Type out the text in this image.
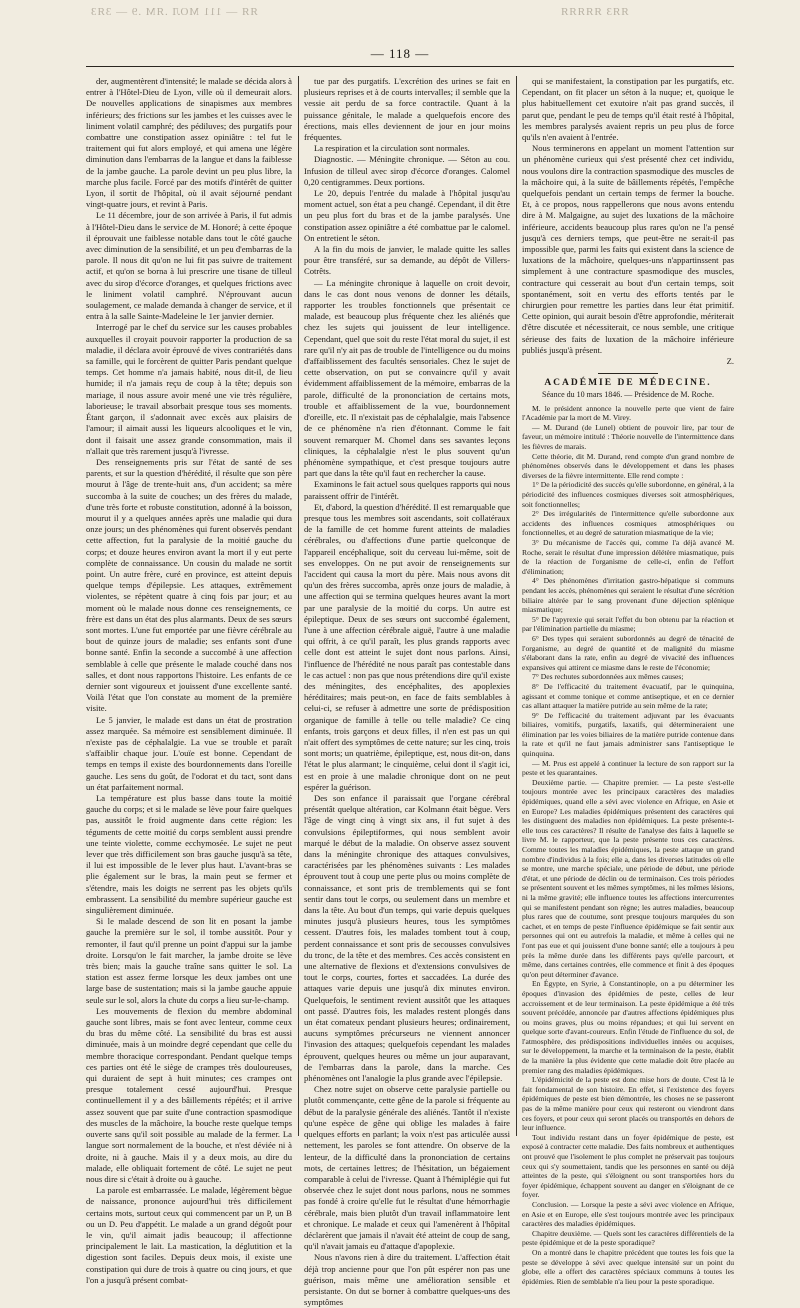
ЯЯ — 111 МОЛ .ЯМ .9 — 3ЯЗ	ЯЯЗ ЯЯЯЯЯ
— 118 —

der, augmentèrent d'intensité; le malade se décida alors à entrer à l'Hôtel-Dieu de Lyon, ville où il demeurait alors. De nouvelles applications de sinapismes aux membres inférieurs; des frictions sur les jambes et les cuisses avec le liniment volatil camphré; des pédiluves; des purgatifs pour combattre une constipation assez opiniâtre : tel fut le traitement qui fut alors employé, et qui amena une légère diminution dans l'embarras de la langue et dans la faiblesse de la jambe gauche. La parole devint un peu plus libre, la marche plus facile. Forcé par des motifs d'intérêt de quitter Lyon, il sortit de l'hôpital, où il avait séjourné pendant vingt-quatre jours, et revint à Paris.

Le 11 décembre, jour de son arrivée à Paris, il fut admis à l'Hôtel-Dieu dans le service de M. Honoré; à cette époque il éprouvait une faiblesse notable dans tout le côté gauche avec diminution de la sensibilité, et un peu d'embarras de la parole. Il nous dit qu'on ne lui fit pas suivre de traitement actif, et qu'on se borna à lui prescrire une tisane de tilleul avec du sirop d'écorce d'oranges, et quelques frictions avec le liniment volatil camphré. N'éprouvant aucun soulagement, ce malade demanda à changer de service, et il entra à la salle Sainte-Madeleine le 1er janvier dernier.

Interrogé par le chef du service sur les causes probables auxquelles il croyait pouvoir rapporter la production de sa maladie, il déclara avoir éprouvé de vives contrariétés dans sa famille, qui le forcèrent de quitter Paris pendant quelque temps. Cet homme n'a jamais habité, nous dit-il, de lieu humide; il n'a jamais reçu de coup à la tête; depuis son mariage, il nous assure avoir mené une vie très régulière, laborieuse; le travail absorbait presque tous ses moments. Étant garçon, il s'adonnait avec excès aux plaisirs de l'amour; il aimait aussi les liqueurs alcooliques et le vin, dont il faisait une assez grande consommation, mais il n'allait que très rarement jusqu'à l'ivresse.

Des renseignements pris sur l'état de santé de ses parents, et sur la question d'hérédité, il résulte que son père mourut à l'âge de trente-huit ans, d'un accident; sa mère succomba à la suite de couches; un des frères du malade, d'une très forte et robuste constitution, adonné à la boisson, mourut il y a quelques années après une maladie qui dura onze jours; un des phénomènes qui furent observés pendant cette affection, fut la paralysie de la moitié gauche du corps; et douze heures environ avant la mort il y eut perte complète de connaissance. Un cousin du malade ne sortit point. Un autre frère, curé en province, est atteint depuis quelque temps d'épilepsie. Les attaques, extrêmement violentes, se répètent quatre à cinq fois par jour; et au moment où le malade nous donne ces renseignements, ce frère est dans un état des plus alarmants. Deux de ses sœurs sont mortes. L'une fut emportée par une fièvre cérébrale au bout de quinze jours de maladie; ses enfants sont d'une bonne santé. Enfin la seconde a succombé à une affection semblable à celle que présente le malade couché dans nos salles, et dont nous rapportons l'histoire. Les enfants de ce dernier sont vigoureux et jouissent d'une excellente santé. Voilà l'état que l'on constate au moment de la première visite.

Le 5 janvier, le malade est dans un état de prostration assez marquée. Sa mémoire est sensiblement diminuée. Il n'existe pas de céphalalgie. La vue se trouble et paraît s'affaiblir chaque jour. L'ouïe est bonne. Cependant de temps en temps il existe des bourdonnements dans l'oreille gauche. Les sens du goût, de l'odorat et du tact, sont dans un état parfaitement normal.

La température est plus basse dans toute la moitié gauche du corps; et si le malade se lève pour faire quelques pas, aussitôt le froid augmente dans cette région: les téguments de cette moitié du corps semblent aussi prendre une teinte violette, comme ecchymosée. Le sujet ne peut lever que très difficilement son bras gauche jusqu'à sa tête, il lui est impossible de le lever plus haut. L'avant-bras se plie également sur le bras, la main peut se fermer et s'étendre, mais les doigts ne serrent pas les objets qu'ils embrassent. La sensibilité du membre supérieur gauche est singulièrement diminuée.

Si le malade descend de son lit en posant la jambe gauche la première sur le sol, il tombe aussitôt. Pour y remonter, il faut qu'il prenne un point d'appui sur la jambe droite. Lorsqu'on le fait marcher, la jambe droite se lève très bien; mais la gauche traîne sans quitter le sol. La station est assez ferme lorsque les deux jambes ont une large base de sustentation; mais si la jambe gauche appuie seule sur le sol, alors la chute du corps a lieu sur-le-champ.

Les mouvements de flexion du membre abdominal gauche sont libres, mais se font avec lenteur, comme ceux du bras du même côté. La sensibilité du bras est aussi diminuée, mais à un moindre degré cependant que celle du membre thoracique correspondant. Pendant quelque temps ces parties ont été le siège de crampes très douloureuses, qui duraient de sept à huit minutes; ces crampes ont presque totalement cessé aujourd'hui. Presque continuellement il y a des bâillements répétés; et il arrive assez souvent que par suite d'une contraction spasmodique des muscles de la mâchoire, la bouche reste quelque temps ouverte sans qu'il soit possible au malade de la fermer. La langue sort normalement de la bouche, et n'est déviée ni à droite, ni à gauche. Mais il y a deux mois, au dire du malade, elle obliquait fortement de côté. Le sujet ne peut nous dire si c'était à droite ou à gauche.

La parole est embarrassée. Le malade, légèrement bègue de naissance, prononce aujourd'hui très difficilement certains mots, surtout ceux qui commencent par un P, un B ou un D. Peu d'appétit. Le malade a un grand dégoût pour le vin, qu'il aimait jadis beaucoup; il affectionne principalement le lait. La mastication, la déglutition et la digestion sont faciles. Depuis deux mois, il existe une constipation qui dure de trois à quatre ou cinq jours, et que l'on a jusqu'à présent combat-

tue par des purgatifs. L'excrétion des urines se fait en plusieurs reprises et à de courts intervalles; il semble que la vessie ait perdu de sa force contractile. Quant à la puissance génitale, le malade a quelquefois encore des érections, mais elles deviennent de jour en jour moins fréquentes.

La respiration et la circulation sont normales.

Diagnostic. — Méningite chronique. — Séton au cou. Infusion de tilleul avec sirop d'écorce d'oranges. Calomel 0,20 centigrammes. Deux portions.

Le 20, depuis l'entrée du malade à l'hôpital jusqu'au moment actuel, son état a peu changé. Cependant, il dit être un peu plus fort du bras et de la jambe paralysés. Une constipation assez opiniâtre a été combattue par le calomel. On entretient le séton.

A la fin du mois de janvier, le malade quitte les salles pour être transféré, sur sa demande, au dépôt de Villers-Cotrêts.

— La méningite chronique à laquelle on croit devoir, dans le cas dont nous venons de donner les détails, rapporter les troubles fonctionnels que présentait ce malade, est beaucoup plus fréquente chez les aliénés que chez les sujets qui jouissent de leur intelligence. Cependant, quel que soit du reste l'état moral du sujet, il est rare qu'il n'y ait pas de trouble de l'intelligence ou du moins d'affaiblissement des facultés sensoriales. Chez le sujet de cette observation, on put se convaincre qu'il y avait évidemment affaiblissement de la mémoire, embarras de la parole, difficulté de la prononciation de certains mots, trouble et affaiblissement de la vue, bourdonnement d'oreille, etc. Il n'existait pas de céphalalgie, mais l'absence de ce phénomène n'a rien d'étonnant. Comme le fait souvent remarquer M. Chomel dans ses savantes leçons cliniques, la céphalalgie n'est le plus souvent qu'un phénomène sympathique, et c'est presque toujours autre part que dans la tête qu'il faut en rechercher la cause.

Examinons le fait actuel sous quelques rapports qui nous paraissent offrir de l'intérêt.

Et, d'abord, la question d'hérédité. Il est remarquable que presque tous les membres soit ascendants, soit collatéraux de la famille de cet homme furent atteints de maladies cérébrales, ou d'affections d'une partie quelconque de l'appareil encéphalique, soit du cerveau lui-même, soit de ses enveloppes. On ne put avoir de renseignements sur l'accident qui causa la mort du père. Mais nous avons dit qu'un des frères succomba, après onze jours de maladie, à une affection qui se termina quelques heures avant la mort par une paralysie de la moitié du corps. Un autre est épileptique. Deux de ses sœurs ont succombé également, l'une à une affection cérébrale aiguë, l'autre à une maladie qui offrit, à ce qu'il paraît, les plus grands rapports avec celle dont est atteint le sujet dont nous parlons. Ainsi, l'influence de l'hérédité ne nous paraît pas contestable dans le cas actuel : non pas que nous prétendions dire qu'il existe des méningites, des encéphalites, des apoplexies héréditaires; mais peut-on, en face de faits semblables à celui-ci, se refuser à admettre une sorte de prédisposition organique de famille à telle ou telle maladie? Ce cinq enfants, trois garçons et deux filles, il n'en est pas un qui n'ait offert des symptômes de cette nature; sur les cinq, trois sont morts; un quatrième, épileptique, est, nous dit-on, dans l'état le plus alarmant; le cinquième, celui dont il s'agit ici, est en proie à une maladie chronique dont on ne peut espérer la guérison.

Des son enfance il paraissait que l'organe cérébral présentât quelque altération, car Kolmann était bègue. Vers l'âge de vingt cinq à vingt six ans, il fut sujet à des convulsions épileptiformes, qui nous semblent avoir marqué le début de la maladie. On observe assez souvent dans la méningite chronique des attaques convulsives, caractérisées par les phénomènes suivants : Les malades éprouvent tout à coup une perte plus ou moins complète de connaissance, et sont pris de tremblements qui se font sentir dans tout le corps, ou seulement dans un membre et dans la tête. Au bout d'un temps, qui varie depuis quelques minutes jusqu'à plusieurs heures, tous les symptômes cessent. D'autres fois, les malades tombent tout à coup, perdent connaissance et sont pris de secousses convulsives du tronc, de la tête et des membres. Ces accès consistent en une alternative de flexions et d'extensions convulsives de tout le corps, courtes, fortes et saccadées. La durée des attaques varie depuis une jusqu'à dix minutes environ. Quelquefois, le sentiment revient aussitôt que les attaques ont passé. D'autres fois, les malades restent plongés dans un état comateux pendant plusieurs heures; ordinairement, aucuns symptômes précurseurs ne viennent annoncer l'invasion des attaques; quelquefois cependant les malades éprouvent, quelques heures ou même un jour auparavant, de l'embarras dans la parole, dans la marche. Ces phénomènes ont l'analogie la plus grande avec l'épilepsie.

Chez notre sujet on observe cette paralysie partielle ou plutôt commençante, cette gêne de la parole si fréquente au début de la paralysie générale des aliénés. Tantôt il n'existe qu'une espèce de gêne qui oblige les malades à faire quelques efforts en parlant; la voix n'est pas articulée aussi nettement, les paroles se font attendre. On observe de la lenteur, de la difficulté dans la prononciation de certains mots, de certaines lettres; de l'hésitation, un bégaiement comparable à celui de l'ivresse. Quant à l'hémiplégie qui fut observée chez le sujet dont nous parlons, nous ne sommes pas fondé à croire qu'elle fut le résultat d'une hémorrhagie cérébrale, mais bien plutôt d'un travail inflammatoire lent et chronique. Le malade et ceux qui l'amenèrent à l'hôpital déclarèrent que jamais il n'avait été atteint de coup de sang, qu'il n'avait jamais eu d'attaque d'apoplexie.

Nous n'avons rien à dire du traitement. L'affection était déjà trop ancienne pour que l'on pût espérer non pas une guérison, mais même une amélioration sensible et persistante. On dut se borner à combattre quelques-uns des symptômes

qui se manifestaient, la constipation par les purgatifs, etc. Cependant, on fit placer un séton à la nuque; et, quoique le plus habituellement cet exutoire n'ait pas grand succès, il parut que, pendant le peu de temps qu'il était resté à l'hôpital, les membres paralysés avaient repris un peu plus de force qu'ils n'en avaient à l'entrée.

Nous terminerons en appelant un moment l'attention sur un phénomène curieux qui s'est présenté chez cet individu, nous voulons dire la contraction spasmodique des muscles de la mâchoire qui, à la suite de bâillements répétés, l'empêche quelquefois pendant un certain temps de fermer la bouche. Et, à ce propos, nous rappellerons que nous avons entendu dire à M. Malgaigne, au sujet des luxations de la mâchoire inférieure, accidents beaucoup plus rares qu'on ne l'a pensé jusqu'à ces derniers temps, que peut-être ne serait-il pas impossible que, parmi les faits qui existent dans la science de luxations de la mâchoire, quelques-uns n'appartinssent pas simplement à une contracture spasmodique des muscles, contracture qui cesserait au bout d'un certain temps, soit spontanément, soit en vertu des efforts tentés par le chirurgien pour remettre les parties dans leur état primitif. Cette opinion, qui aurait besoin d'être approfondie, mériterait d'être discutée et nécessiterait, ce nous semble, une critique sérieuse des faits de luxation de la mâchoire inférieure publiés jusqu'à présent.

Z.

ACADÉMIE DE MÉDECINE.

Séance du 10 mars 1846. — Présidence de M. Roche.

M. le président annonce la nouvelle perte que vient de faire l'Académie par la mort de M. Virey.

— M. Durand (de Lunel) obtient de pouvoir lire, par tour de faveur, un mémoire intitulé : Théorie nouvelle de l'intermittence dans les fièvres de marais.

Cette théorie, dit M. Durand, rend compte d'un grand nombre de phénomènes observés dans le développement et dans les phases diverses de la fièvre intermittente. Elle rend compte :

1° De la périodicité des succès qu'elle subordonne, en général, à la périodicité des influences cosmiques diverses soit atmosphériques, soit fonctionnelles;

2° Des irrégularités de l'intermittence qu'elle subordonne aux accidents des influences cosmiques atmosphériques ou fonctionnelles, et au degré de saturation miasmatique de la vie;

3° Du mécanisme de l'accès qui, comme l'a déjà avancé M. Roche, serait le résultat d'une impression délétère miasmatique, puis de la réaction de l'organisme de celle-ci, enfin de l'effort d'élimination;

4° Des phénomènes d'irritation gastro-hépatique si communs pendant les accès, phénomènes qui seraient le résultat d'une sécrétion biliaire altérée par le sang provenant d'une déjection splénique miasmatique;

5° De l'apyrexie qui serait l'effet du bon obtenu par la réaction et par l'élimination partielle du miasme;

6° Des types qui seraient subordonnés au degré de ténacité de l'organisme, au degré de quantité et de malignité du miasme s'élaborant dans la rate, enfin au degré de vivacité des influences expansives qui attirent ce miasme dans le reste de l'économie;

7° Des rechutes subordonnées aux mêmes causes;

8° De l'efficacité du traitement évacuatif, par le quinquina, agissant et comme tonique et comme antiseptique, et en ce dernier cas allant attaquer la matière putride au sein même de la rate;

9° De l'efficacité du traitement adjuvant par les évacuants biliaires, vomitifs, purgatifs, laxatifs, qui détermineraient une élimination par les voies biliaires de la matière putride contenue dans la rate et qu'il ne faut jamais administrer sans l'antiseptique le quinquina.

— M. Prus est appelé à continuer la lecture de son rapport sur la peste et les quarantaines.

Deuxième partie. — Chapitre premier. — La peste s'est-elle toujours montrée avec les principaux caractères des maladies épidémiques, quand elle a sévi avec violence en Afrique, en Asie et en Europe? Les maladies épidémiques présentent des caractères qui les distinguent des maladies non épidémiques. La peste présente-t-elle tous ces caractères? Il résulte de l'analyse des faits à laquelle se livre M. le rapporteur, que la peste présente tous ces caractères. Comme toutes les maladies épidémiques, la peste attaque un grand nombre d'individus à la fois; elle a, dans les diverses latitudes où elle se montre, une marche spéciale, une période de début, une période d'état, et une période de déclin ou de terminaison. Ces trois périodes se présentent souvent et les mêmes symptômes, ni les mêmes lésions, ni la même gravité; elle influence toutes les affections intercurrentes qui se manifestent pendant son règne; les autres maladies, beaucoup plus rares que de coutume, sont presque toujours marquées du son cachet, et en temps de peste l'influence épidémique se fait sentir aux personnes qui ont eu autrefois la maladie, et même à celles qui ne l'ont pas eue et qui jouissent d'une bonne santé; elle a toujours à peu près la même durée dans les différents pays qu'elle parcourt, et même, dans certaines contrées, elle commence et finit à des époques qu'on peut déterminer d'avance.

En Égypte, en Syrie, à Constantinople, on a pu déterminer les époques d'invasion des épidémies de peste, celles de leur accroissement et de leur terminaison. La peste épidémique a été très souvent précédée, annoncée par d'autres affections épidémiques plus ou moins graves, plus ou moins répandues; et qui lui servent en quelque sorte d'avant-coureurs. Enfin l'étude de l'influence du sol, de l'atmosphère, des prédispositions individuelles innées ou acquises, sur le développement, la marche et la terminaison de la peste, établit de la manière la plus évidente que cette maladie doit être placée au premier rang des maladies épidémiques.

L'épidémicité de la peste est donc mise hors de doute. C'est là le fait fondamental de son histoire. En effet, si l'existence des foyers épidémiques de peste est bien démontrée, les choses ne se passeront pas de la même manière pour ceux qui resteront ou viendront dans ces foyers, et pour ceux qui seront placés ou transportés en dehors de leur influence.

Tout individu restant dans un foyer épidémique de peste, est exposé à contracter cette maladie. Des faits nombreux et authentiques ont prouvé que l'isolement le plus complet ne préservait pas toujours ceux qui s'y soumettaient, tandis que les personnes en santé ou déjà atteintes de la peste, qui s'éloignent ou sont transportées hors du foyer épidémique, échappent souvent au danger en s'éloignant de ce foyer.

Conclusion. — Lorsque la peste a sévi avec violence en Afrique, en Asie et en Europe, elle s'est toujours montrée avec les principaux caractères des maladies épidémiques.

Chapitre deuxième. — Quels sont les caractères différentiels de la peste épidémique et de la peste sporadique?

On a montré dans le chapitre précédent que toutes les fois que la peste se développe à sévi avec quelque intensité sur un point du globe, elle a offert des caractères spéciaux communs à toutes les épidémies. Rien de semblable n'a lieu pour la peste sporadique.
